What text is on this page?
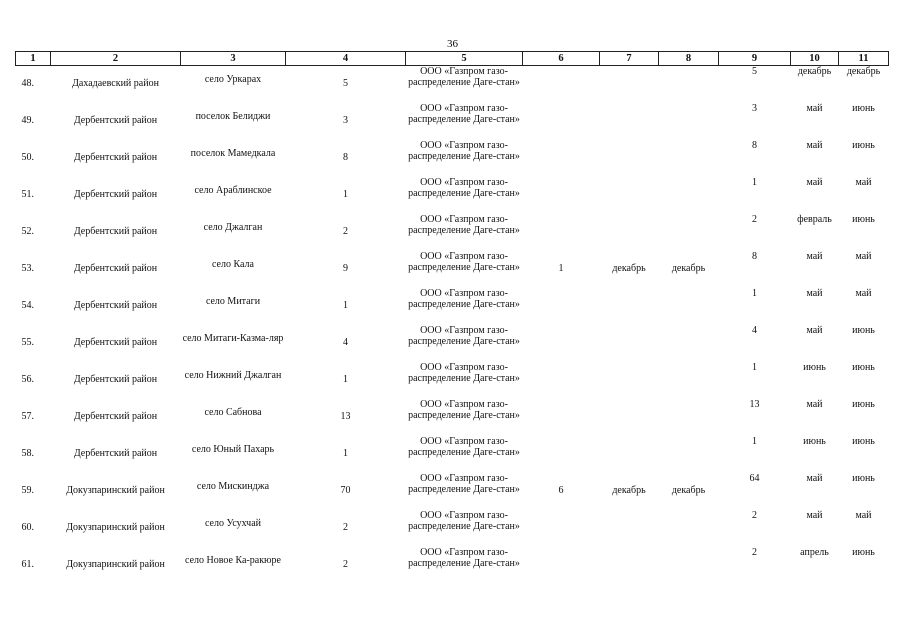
36
1	2	3	4	5	6	7	8	9	10	11

48.	Дахадаевский район	село Уркарах	5	ООО «Газпром газо-распределение Даге-стан»				5	декабрь	декабрь

49.	Дербентский район	поселок Белиджи	3	ООО «Газпром газо-распределение Даге-стан»				3	май	июнь

50.	Дербентский район	поселок Мамедкала	8	ООО «Газпром газо-распределение Даге-стан»				8	май	июнь

51.	Дербентский район	село Араблинское	1	ООО «Газпром газо-распределение Даге-стан»				1	май	май

52.	Дербентский район	село Джалган	2	ООО «Газпром газо-распределение Даге-стан»				2	февраль	июнь

53.	Дербентский район	село Кала	9	ООО «Газпром газо-распределение Даге-стан»	1	декабрь	декабрь	8	май	май

54.	Дербентский район	село Митаги	1	ООО «Газпром газо-распределение Даге-стан»				1	май	май

55.	Дербентский район	село Митаги-Казма-ляр	4	ООО «Газпром газо-распределение Даге-стан»				4	май	июнь

56.	Дербентский район	село Нижний Джалган	1	ООО «Газпром газо-распределение Даге-стан»				1	июнь	июнь

57.	Дербентский район	село Сабнова	13	ООО «Газпром газо-распределение Даге-стан»				13	май	июнь

58.	Дербентский район	село Юный Пахарь	1	ООО «Газпром газо-распределение Даге-стан»				1	июнь	июнь

59.	Докузпаринский район	село Мискинджа	70	ООО «Газпром газо-распределение Даге-стан»	6	декабрь	декабрь	64	май	июнь

60.	Докузпаринский район	село Усухчай	2	ООО «Газпром газо-распределение Даге-стан»				2	май	май

61.	Докузпаринский район	село Новое Ка-ракюре	2	ООО «Газпром газо-распределение Даге-стан»				2	апрель	июнь
